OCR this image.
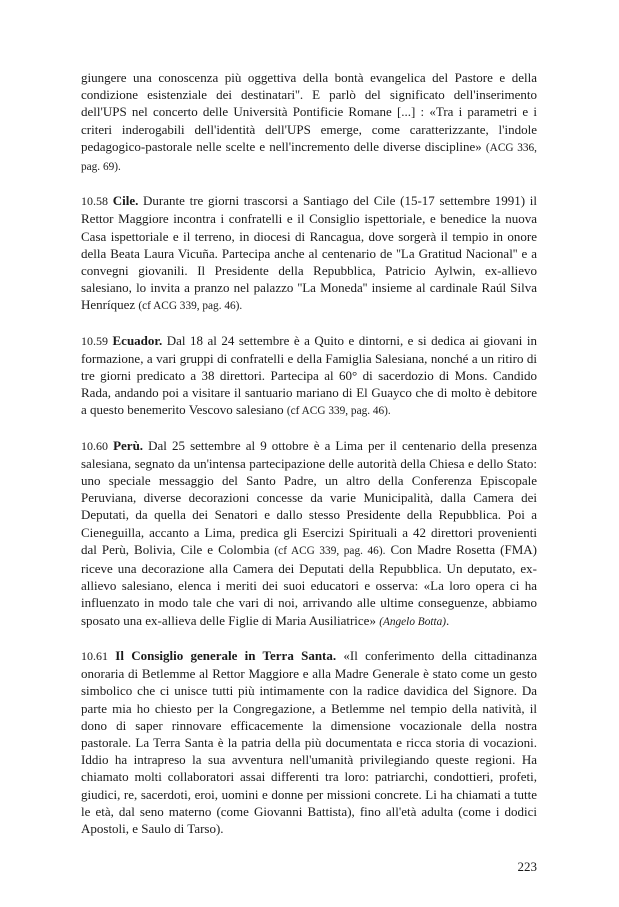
giungere una conoscenza più oggettiva della bontà evangelica del Pastore e della condizione esistenziale dei destinatari''. E parlò del significato dell'inserimento dell'UPS nel concerto delle Università Pontificie Romane [...] : «Tra i parametri e i criteri inderogabili dell'identità dell'UPS emerge, come caratterizzante, l'indole pedagogico-pastorale nelle scelte e nell'incremento delle diverse discipline» (ACG 336, pag. 69).

10.58 Cile. Durante tre giorni trascorsi a Santiago del Cile (15-17 settembre 1991) il Rettor Maggiore incontra i confratelli e il Consiglio ispettoriale, e benedice la nuova Casa ispettoriale e il terreno, in diocesi di Rancagua, dove sorgerà il tempio in onore della Beata Laura Vicuña. Partecipa anche al centenario de ''La Gratitud Nacional'' e a convegni giovanili. Il Presidente della Repubblica, Patricio Aylwin, ex-allievo salesiano, lo invita a pranzo nel palazzo ''La Moneda'' insieme al cardinale Raúl Silva Henríquez (cf ACG 339, pag. 46).

10.59 Ecuador. Dal 18 al 24 settembre è a Quito e dintorni, e si dedica ai giovani in formazione, a vari gruppi di confratelli e della Famiglia Salesiana, nonché a un ritiro di tre giorni predicato a 38 direttori. Partecipa al 60° di sacerdozio di Mons. Candido Rada, andando poi a visitare il santuario mariano di El Guayco che di molto è debitore a questo benemerito Vescovo salesiano (cf ACG 339, pag. 46).

10.60 Perù. Dal 25 settembre al 9 ottobre è a Lima per il centenario della presenza salesiana, segnato da un'intensa partecipazione delle autorità della Chiesa e dello Stato: uno speciale messaggio del Santo Padre, un altro della Conferenza Episcopale Peruviana, diverse decorazioni concesse da varie Municipalità, dalla Camera dei Deputati, da quella dei Senatori e dallo stesso Presidente della Repubblica. Poi a Cieneguilla, accanto a Lima, predica gli Esercizi Spirituali a 42 direttori provenienti dal Perù, Bolivia, Cile e Colombia (cf ACG 339, pag. 46). Con Madre Rosetta (FMA) riceve una decorazione alla Camera dei Deputati della Repubblica. Un deputato, ex-allievo salesiano, elenca i meriti dei suoi educatori e osserva: «La loro opera ci ha influenzato in modo tale che vari di noi, arrivando alle ultime conseguenze, abbiamo sposato una ex-allieva delle Figlie di Maria Ausiliatrice» (Angelo Botta).

10.61 Il Consiglio generale in Terra Santa. «Il conferimento della cittadinanza onoraria di Betlemme al Rettor Maggiore e alla Madre Generale è stato come un gesto simbolico che ci unisce tutti più intimamente con la radice davidica del Signore. Da parte mia ho chiesto per la Congregazione, a Betlemme nel tempio della natività, il dono di saper rinnovare efficacemente la dimensione vocazionale della nostra pastorale. La Terra Santa è la patria della più documentata e ricca storia di vocazioni. Iddio ha intrapreso la sua avventura nell'umanità privilegiando queste regioni. Ha chiamato molti collaboratori assai differenti tra loro: patriarchi, condottieri, profeti, giudici, re, sacerdoti, eroi, uomini e donne per missioni concrete. Li ha chiamati a tutte le età, dal seno materno (come Giovanni Battista), fino all'età adulta (come i dodici Apostoli, e Saulo di Tarso).

223
